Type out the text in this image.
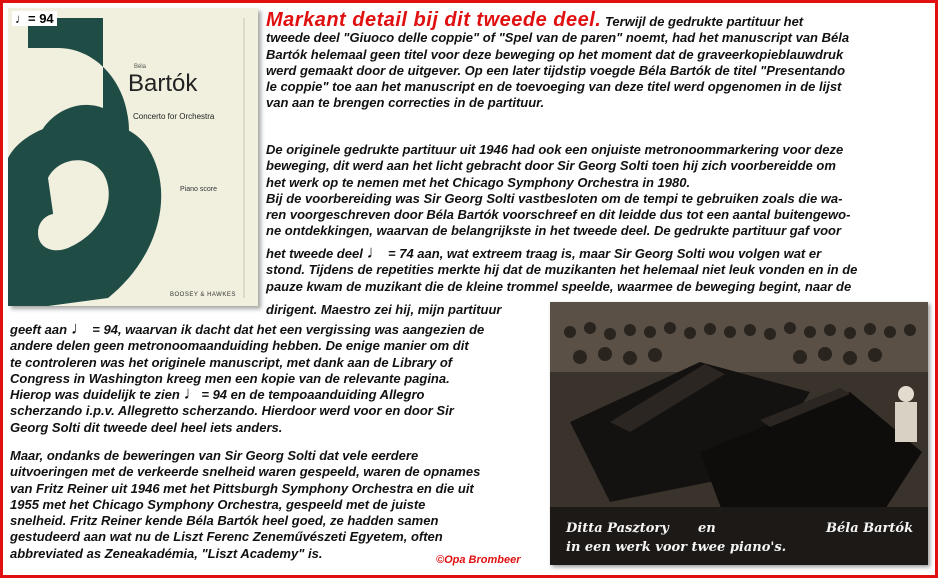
♩= 94
Béla
Bartók
Concerto for Orchestra
Piano score
BOOSEY & HAWKES
Markant detail bij dit tweede deel. Terwijl de gedrukte partituur het
tweede deel "Giuoco delle coppie" of "Spel van de paren" noemt, had het manuscript van Béla
Bartók helemaal geen titel voor deze beweging op het moment dat de graveerkopieblauwdruk
werd gemaakt door de uitgever. Op een later tijdstip voegde Béla Bartók de titel "Presentando
le coppie" toe aan het manuscript en de toevoeging van deze titel werd opgenomen in de lijst
van aan te brengen correcties in de partituur.
De originele gedrukte partituur uit 1946 had ook een onjuiste metronoommarkering voor deze
beweging, dit werd aan het licht gebracht door Sir Georg Solti toen hij zich voorbereidde om
het werk op te nemen met het Chicago Symphony Orchestra in 1980.
Bij de voorbereiding was Sir Georg Solti vastbesloten om de tempi te gebruiken zoals die wa-
ren voorgeschreven door Béla Bartók voorschreef en dit leidde dus tot een aantal buitengewo-
ne ontdekkingen, waarvan de belangrijkste in het tweede deel. De gedrukte partituur gaf voor
het tweede deel ♩ = 74 aan, wat extreem traag is, maar Sir Georg Solti wou volgen wat er
stond. Tijdens de repetities merkte hij dat de muzikanten het helemaal niet leuk vonden en in de
pauze kwam de muzikant die de kleine trommel speelde, waarmee de beweging begint, naar de
dirigent. Maestro zei hij, mijn partituur
geeft aan ♩ = 94, waarvan ik dacht dat het een vergissing was aangezien de
andere delen geen metronoomaanduiding hebben. De enige manier om dit
te controleren was het originele manuscript, met dank aan de Library of
Congress in Washington kreeg men een kopie van de relevante pagina.
Hierop was duidelijk te zien ♩= 94 en de tempoaanduiding Allegro
scherzando i.p.v. Allegretto scherzando. Hierdoor werd voor en door Sir
Georg Solti dit tweede deel heel iets anders.
Maar, ondanks de beweringen van Sir Georg Solti dat vele eerdere
uitvoeringen met de verkeerde snelheid waren gespeeld, waren de opnames
van Fritz Reiner uit 1946 met het Pittsburgh Symphony Orchestra en die uit
1955 met het Chicago Symphony Orchestra, gespeeld met de juiste
snelheid. Fritz Reiner kende Béla Bartók heel goed, ze hadden samen
gestudeerd aan wat nu de Liszt Ferenc Zeneművészeti Egyetem, often
abbreviated as Zeneakadémia, "Liszt Academy" is.	©Opa Brombeer
Ditta Pasztory en	Béla Bartók
in een werk voor twee piano's.
